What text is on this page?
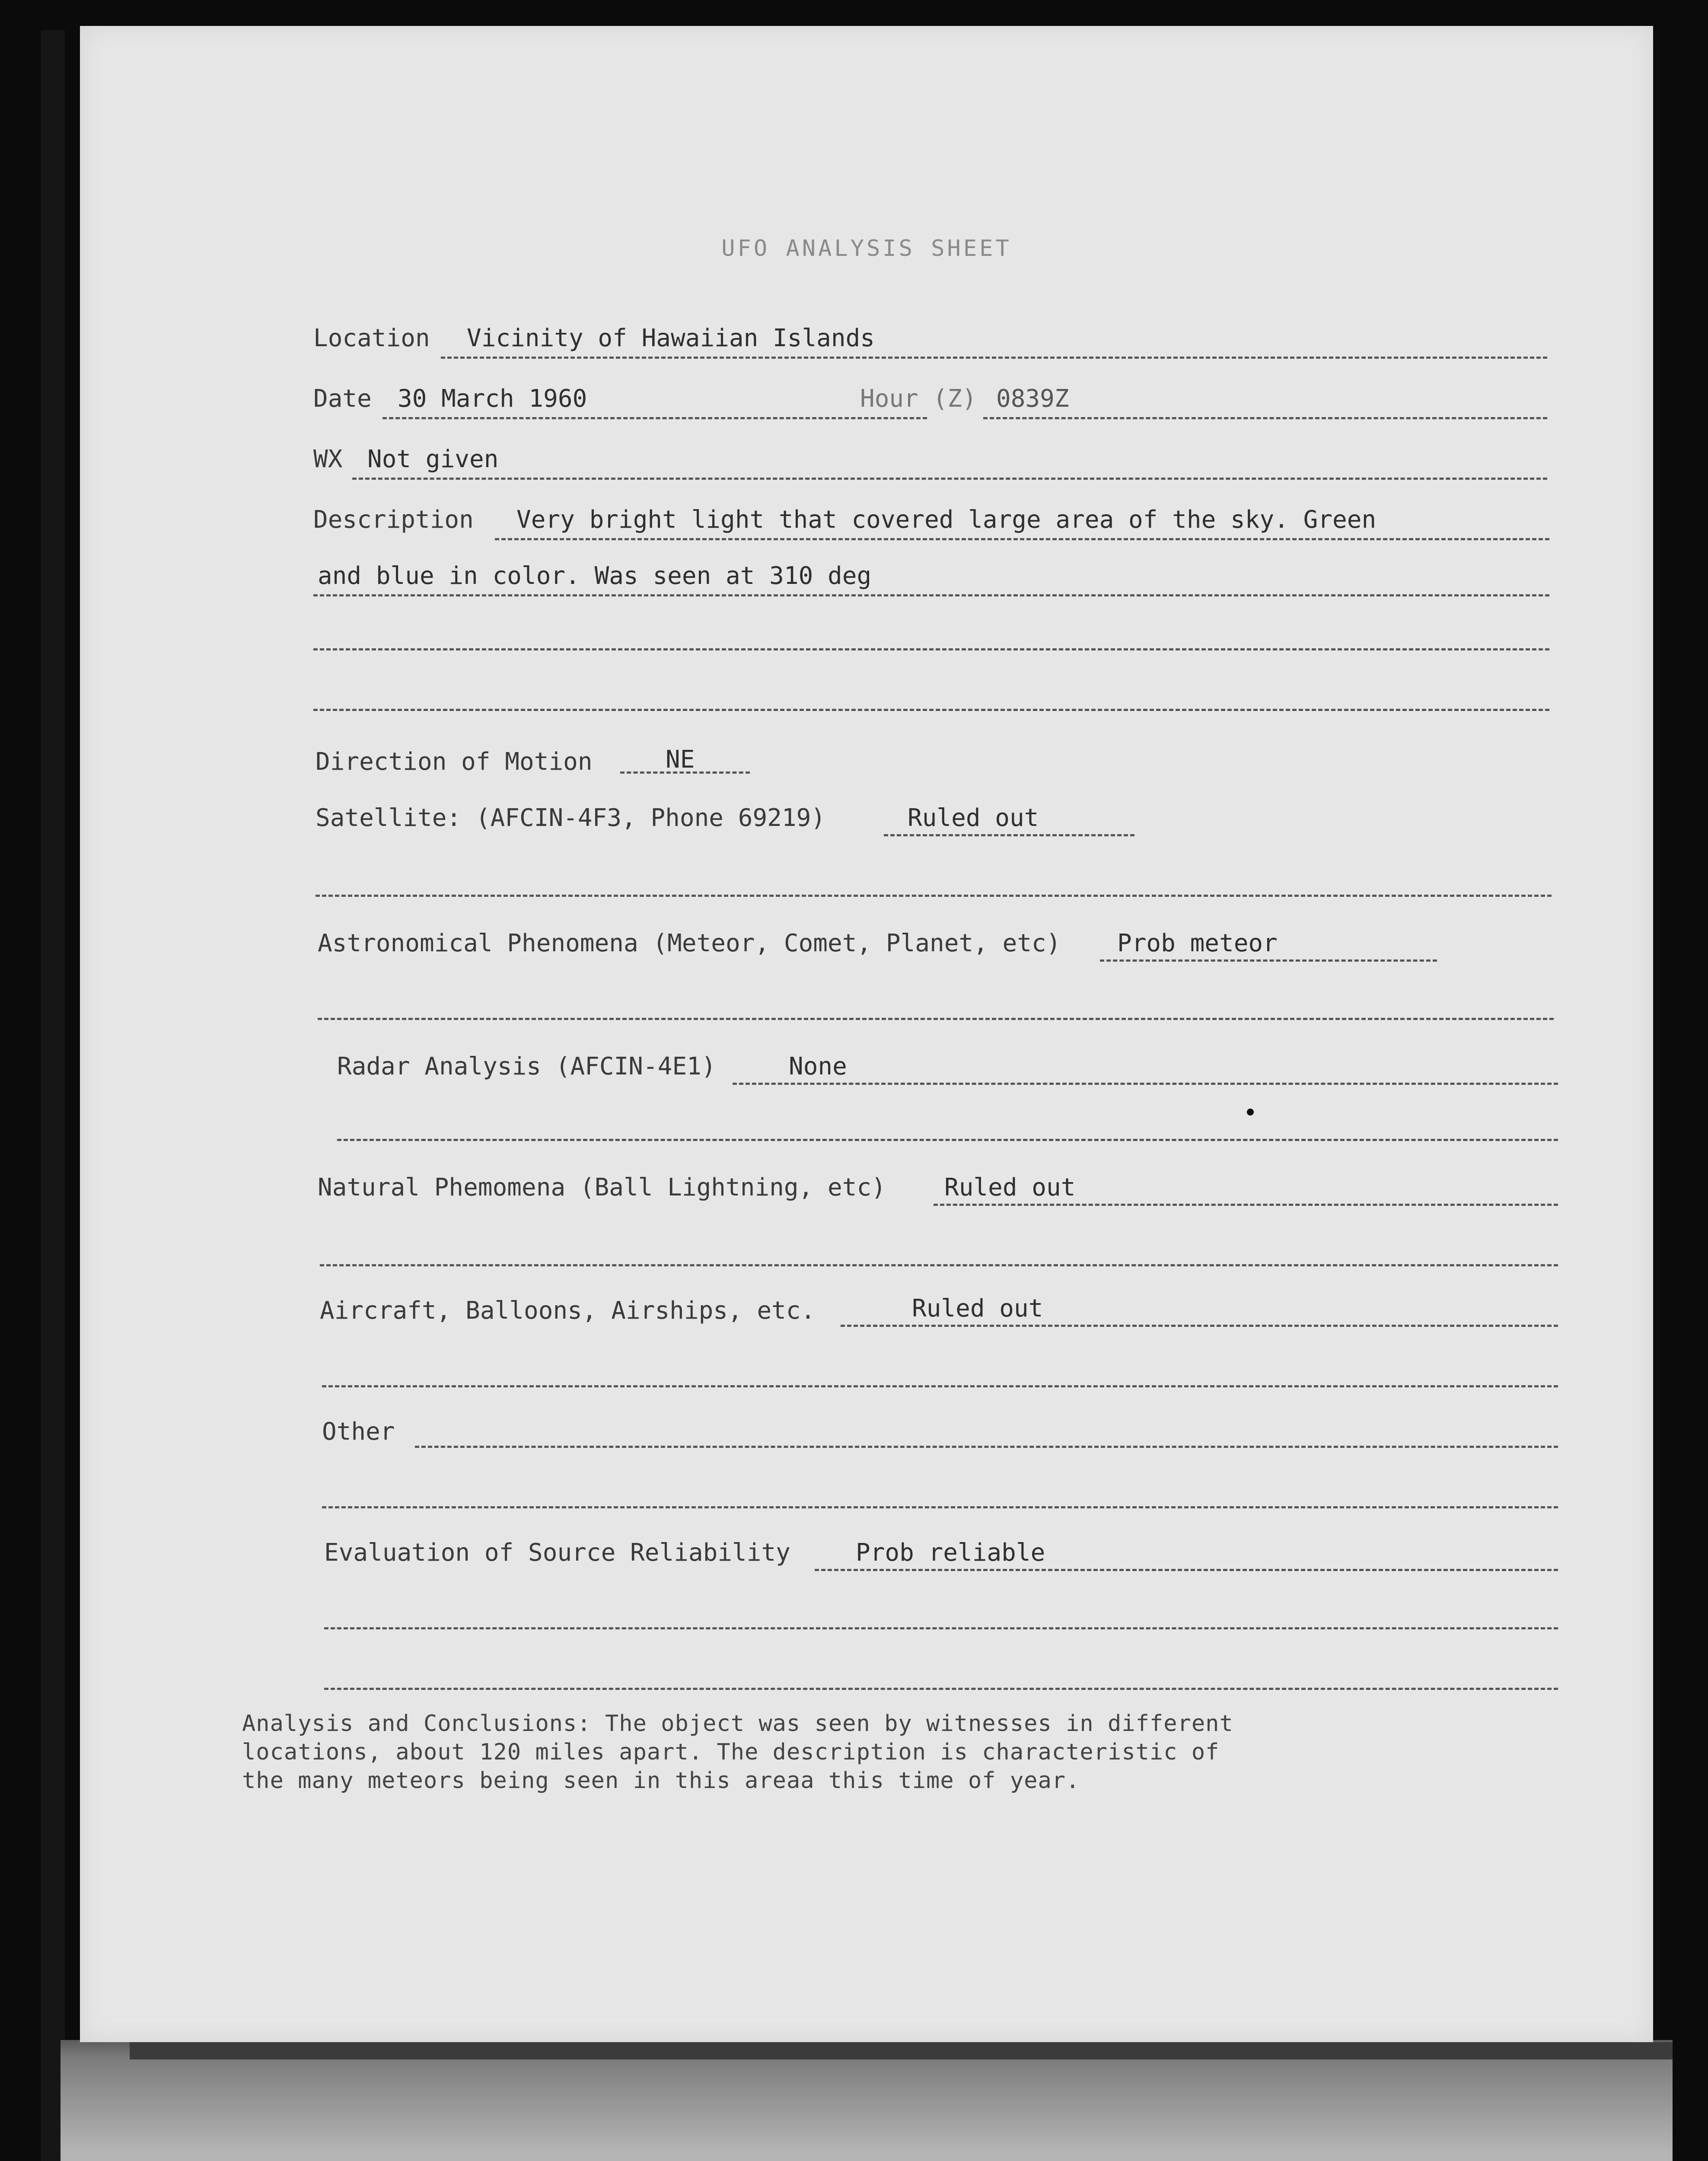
UFO ANALYSIS SHEET
Location Vicinity of Hawaiian Islands
Date 30 March 1960	Hour (Z) 0839Z
WX Not given
Description Very bright light that covered large area of the sky. Green
and blue in color. Was seen at 310 deg
Direction of Motion	NE
Satellite: (AFCIN-4F3, Phone 69219)	Ruled out
Astronomical Phenomena (Meteor, Comet, Planet, etc) Prob meteor
Radar Analysis (AFCIN-4E1)	None
Natural Phemomena (Ball Lightning, etc) Ruled out
Aircraft, Balloons, Airships, etc.	Ruled out
Other
Evaluation of Source Reliability	Prob reliable
Analysis and Conclusions: The object was seen by witnesses in different
locations, about 120 miles apart. The description is characteristic of
the many meteors being seen in this areaa this time of year.
